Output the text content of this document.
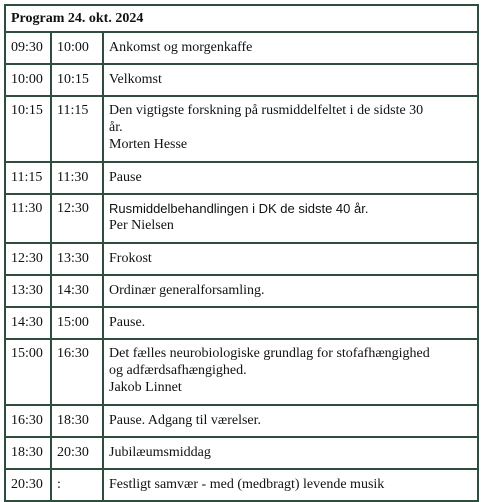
Program 24. okt. 2024		
09:30	10:00	Ankomst og morgenkaffe

10:00	10:15	Velkomst

10:15	11:15	Den vigtigste forskning på rusmiddelfeltet i de sidste 30
år.
Morten Hesse

11:15	11:30	Pause

11:30	12:30	Rusmiddelbehandlingen i DK de sidste 40 år.
Per Nielsen

12:30	13:30	Frokost

13:30	14:30	Ordinær generalforsamling.

14:30	15:00	Pause.

15:00	16:30	Det fælles neurobiologiske grundlag for stofafhængighed
og adfærdsafhængighed.
Jakob Linnet

16:30	18:30	Pause. Adgang til værelser.

18:30	20:30	Jubilæumsmiddag

20:30	:	Festligt samvær - med (medbragt) levende musik
